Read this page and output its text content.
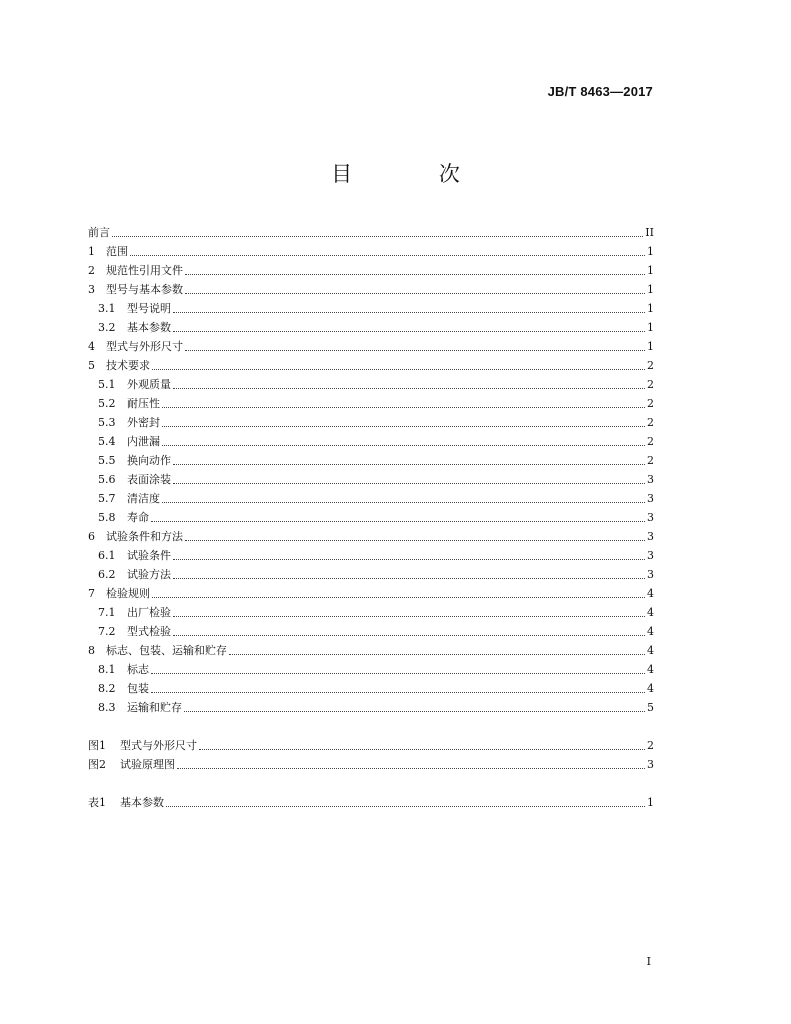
JB/T 8463—2017
目 次
前言	II
1	范围	1
2	规范性引用文件	1
3	型号与基本参数	1
3.1	型号说明	1
3.2	基本参数	1
4	型式与外形尺寸	1
5	技术要求	2
5.1	外观质量	2
5.2	耐压性	2
5.3	外密封	2
5.4	内泄漏	2
5.5	换向动作	2
5.6	表面涂装	3
5.7	清洁度	3
5.8	寿命	3
6	试验条件和方法	3
6.1	试验条件	3
6.2	试验方法	3
7	检验规则	4
7.1	出厂检验	4
7.2	型式检验	4
8	标志、包装、运输和贮存	4
8.1	标志	4
8.2	包装	4
8.3	运输和贮存	5
图1	型式与外形尺寸	2
图2	试验原理图	3
表1	基本参数	1
I
